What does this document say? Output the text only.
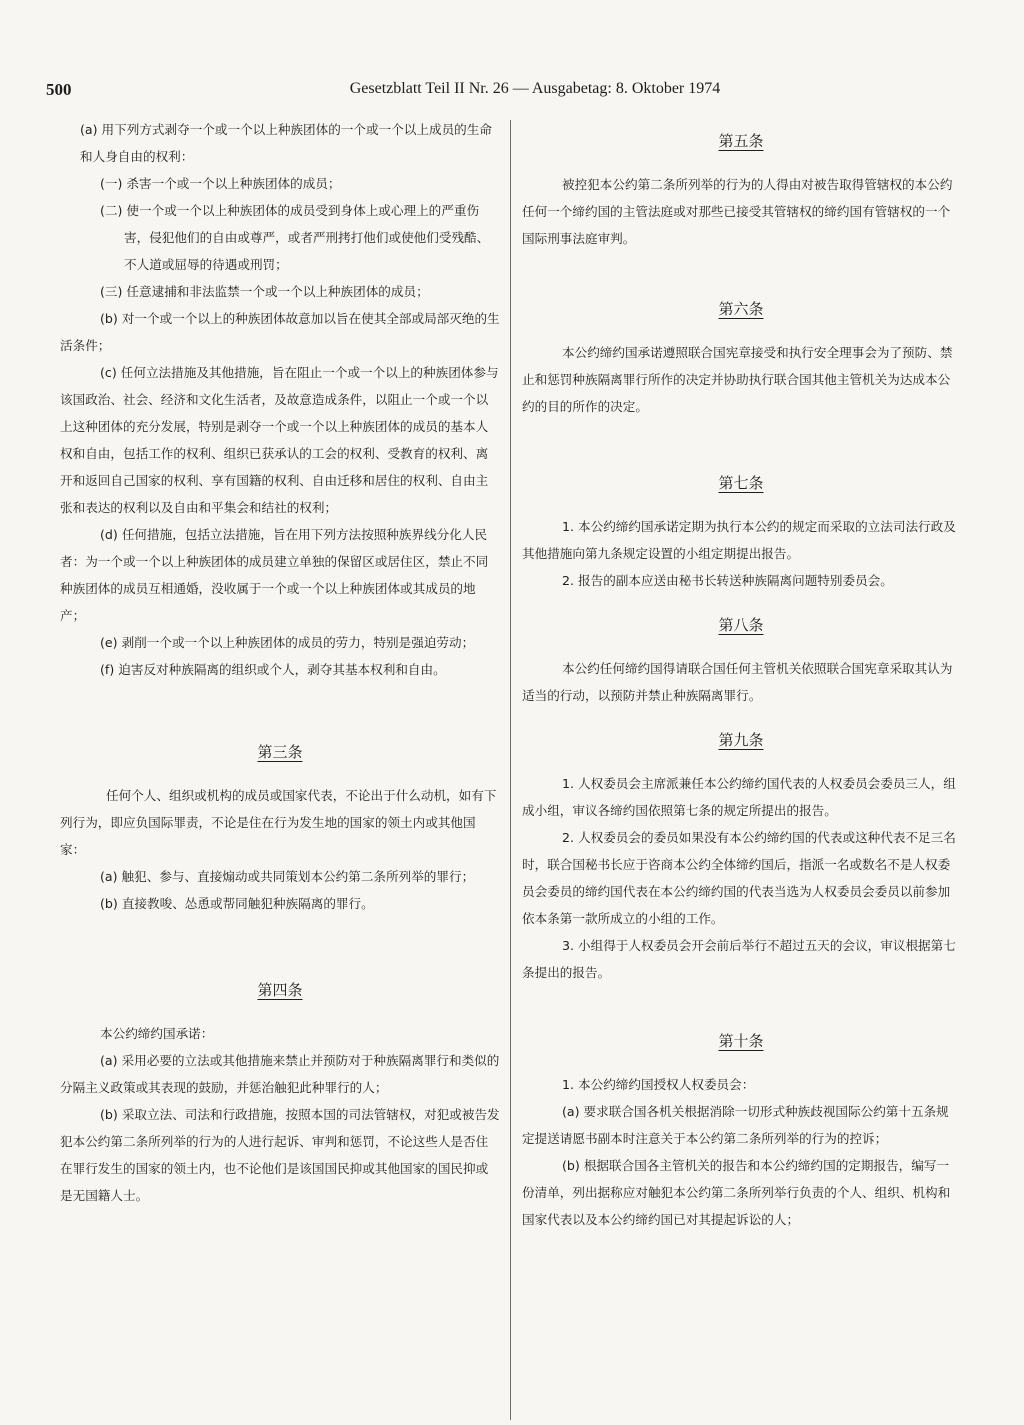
500	Gesetzblatt Teil II Nr. 26 — Ausgabetag: 8. Oktober 1974

(a) 用下列方式剥夺一个或一个以上种族团体的一个或一个以上成员的生命和人身自由的权利：

(一) 杀害一个或一个以上种族团体的成员；

(二) 使一个或一个以上种族团体的成员受到身体上或心理上的严重伤害，侵犯他们的自由或尊严，或者严刑拷打他们或使他们受残酷、不人道或屈辱的待遇或刑罚；

(三) 任意逮捕和非法监禁一个或一个以上种族团体的成员；

(b) 对一个或一个以上的种族团体故意加以旨在使其全部或局部灭绝的生活条件；

(c) 任何立法措施及其他措施，旨在阻止一个或一个以上的种族团体参与该国政治、社会、经济和文化生活者，及故意造成条件，以阻止一个或一个以上这种团体的充分发展，特别是剥夺一个或一个以上种族团体的成员的基本人权和自由，包括工作的权利、组织已获承认的工会的权利、受教育的权利、离开和返回自己国家的权利、享有国籍的权利、自由迁移和居住的权利、自由主张和表达的权利以及自由和平集会和结社的权利；

(d) 任何措施，包括立法措施，旨在用下列方法按照种族界线分化人民者：为一个或一个以上种族团体的成员建立单独的保留区或居住区，禁止不同种族团体的成员互相通婚，没收属于一个或一个以上种族团体或其成员的地产；

(e) 剥削一个或一个以上种族团体的成员的劳力，特别是强迫劳动；

(f) 迫害反对种族隔离的组织或个人，剥夺其基本权利和自由。

第三条

任何个人、组织或机构的成员或国家代表，不论出于什么动机，如有下列行为，即应负国际罪责，不论是住在行为发生地的国家的领土内或其他国家：

(a) 触犯、参与、直接煽动或共同策划本公约第二条所列举的罪行；

(b) 直接教唆、怂恿或帮同触犯种族隔离的罪行。

第四条

本公约缔约国承诺：

(a) 采用必要的立法或其他措施来禁止并预防对于种族隔离罪行和类似的分隔主义政策或其表现的鼓励，并惩治触犯此种罪行的人；

(b) 采取立法、司法和行政措施，按照本国的司法管辖权，对犯或被告发犯本公约第二条所列举的行为的人进行起诉、审判和惩罚，不论这些人是否住在罪行发生的国家的领土内，也不论他们是该国国民抑或其他国家的国民抑或是无国籍人士。

第五条

被控犯本公约第二条所列举的行为的人得由对被告取得管辖权的本公约任何一个缔约国的主管法庭或对那些已接受其管辖权的缔约国有管辖权的一个国际刑事法庭审判。

第六条

本公约缔约国承诺遵照联合国宪章接受和执行安全理事会为了预防、禁止和惩罚种族隔离罪行所作的决定并协助执行联合国其他主管机关为达成本公约的目的所作的决定。

第七条

1. 本公约缔约国承诺定期为执行本公约的规定而采取的立法司法行政及其他措施向第九条规定设置的小组定期提出报告。

2. 报告的副本应送由秘书长转送种族隔离问题特别委员会。

第八条

本公约任何缔约国得请联合国任何主管机关依照联合国宪章采取其认为适当的行动，以预防并禁止种族隔离罪行。

第九条

1. 人权委员会主席派兼任本公约缔约国代表的人权委员会委员三人，组成小组，审议各缔约国依照第七条的规定所提出的报告。

2. 人权委员会的委员如果没有本公约缔约国的代表或这种代表不足三名时，联合国秘书长应于咨商本公约全体缔约国后，指派一名或数名不是人权委员会委员的缔约国代表在本公约缔约国的代表当选为人权委员会委员以前参加依本条第一款所成立的小组的工作。

3. 小组得于人权委员会开会前后举行不超过五天的会议，审议根据第七条提出的报告。

第十条

1. 本公约缔约国授权人权委员会：

(a) 要求联合国各机关根据消除一切形式种族歧视国际公约第十五条规定提送请愿书副本时注意关于本公约第二条所列举的行为的控诉；

(b) 根据联合国各主管机关的报告和本公约缔约国的定期报告，编写一份清单，列出据称应对触犯本公约第二条所列举行负责的个人、组织、机构和国家代表以及本公约缔约国已对其提起诉讼的人；
